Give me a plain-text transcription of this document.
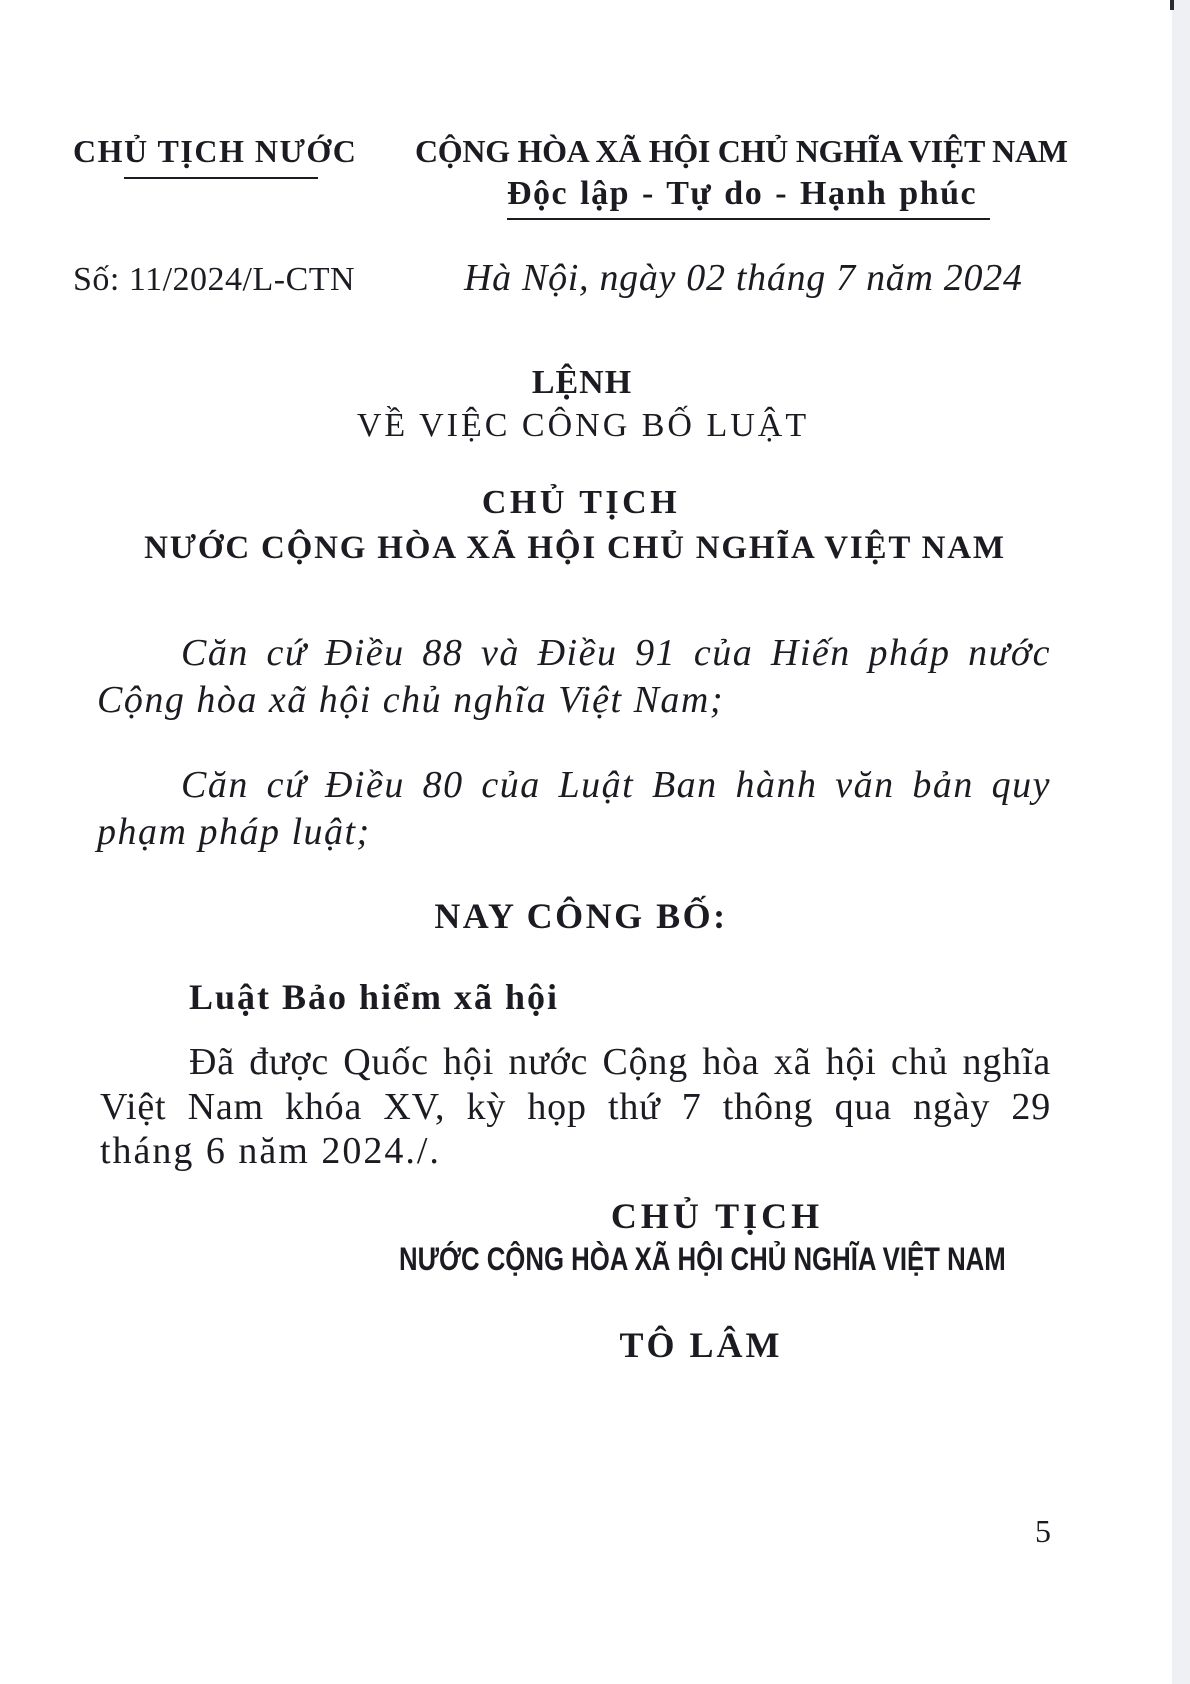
CHỦ TỊCH NƯỚC CỘNG HÒA XÃ HỘI CHỦ NGHĨA VIỆT NAM
Độc lập - Tự do - Hạnh phúc
Số: 11/2024/L-CTN	Hà Nội, ngày 02 tháng 7 năm 2024
LỆNH
VỀ VIỆC CÔNG BỐ LUẬT
CHỦ TỊCH
NƯỚC CỘNG HÒA XÃ HỘI CHỦ NGHĨA VIỆT NAM
Căn cứ Điều 88 và Điều 91 của Hiến pháp nước
Cộng hòa xã hội chủ nghĩa Việt Nam;
Căn cứ Điều 80 của Luật Ban hành văn bản quy
phạm pháp luật;
NAY CÔNG BỐ:
Luật Bảo hiểm xã hội
Đã được Quốc hội nước Cộng hòa xã hội chủ nghĩa
Việt Nam khóa XV, kỳ họp thứ 7 thông qua ngày 29
tháng 6 năm 2024./.
CHỦ TỊCH
NƯỚC CỘNG HÒA XÃ HỘI CHỦ NGHĨA VIỆT NAM
TÔ LÂM
5
